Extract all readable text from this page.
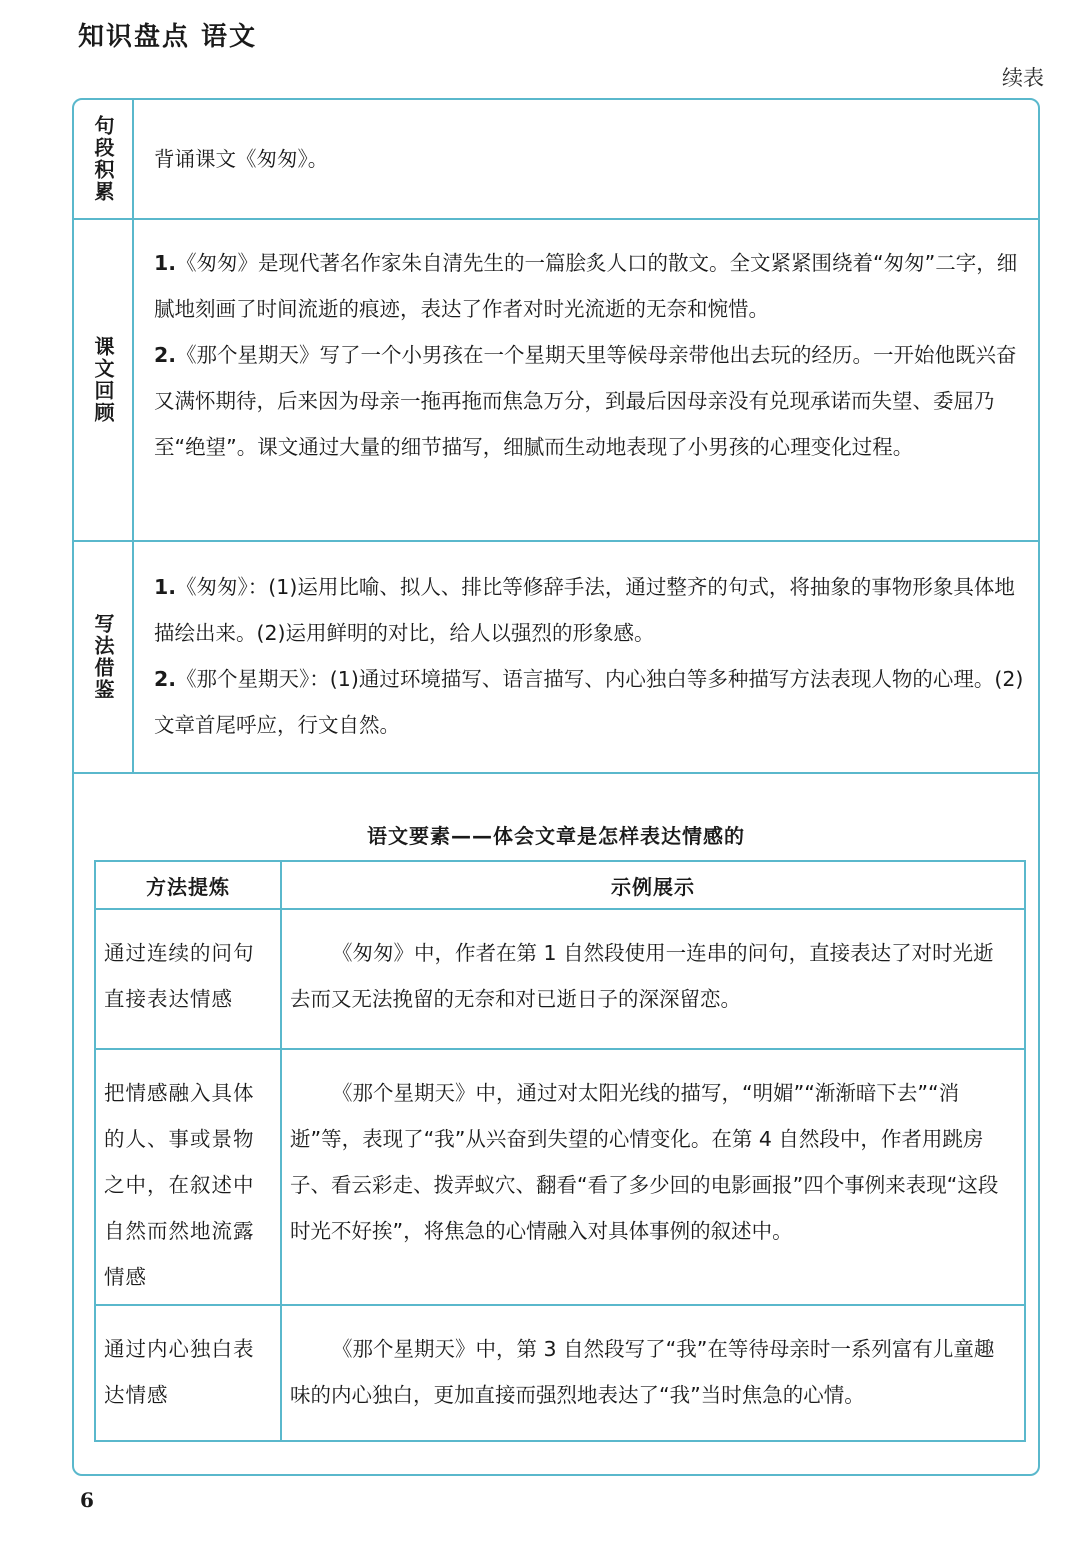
知识盘点 语文
续表
句段积累 背诵课文《匆匆》。
课文回顾
1.《匆匆》是现代著名作家朱自清先生的一篇脍炙人口的散文。全文紧紧围绕着“匆匆”二字，细腻地刻画了时间流逝的痕迹，表达了作者对时光流逝的无奈和惋惜。
2.《那个星期天》写了一个小男孩在一个星期天里等候母亲带他出去玩的经历。一开始他既兴奋又满怀期待，后来因为母亲一拖再拖而焦急万分，到最后因母亲没有兑现承诺而失望、委屈乃至“绝望”。课文通过大量的细节描写，细腻而生动地表现了小男孩的心理变化过程。
写法借鉴
1.《匆匆》：(1)运用比喻、拟人、排比等修辞手法，通过整齐的句式，将抽象的事物形象具体地描绘出来。(2)运用鲜明的对比，给人以强烈的形象感。
2.《那个星期天》：(1)通过环境描写、语言描写、内心独白等多种描写方法表现人物的心理。(2)文章首尾呼应，行文自然。
语文要素——体会文章是怎样表达情感的
方法提炼	示例展示
通过连续的问句直接表达情感
《匆匆》中，作者在第 1 自然段使用一连串的问句，直接表达了对时光逝去而又无法挽留的无奈和对已逝日子的深深留恋。
把情感融入具体的人、事或景物之中，在叙述中自然而然地流露情感
《那个星期天》中，通过对太阳光线的描写，“明媚”“渐渐暗下去”“消逝”等，表现了“我”从兴奋到失望的心情变化。在第 4 自然段中，作者用跳房子、看云彩走、拨弄蚁穴、翻看“看了多少回的电影画报”四个事例来表现“这段时光不好挨”，将焦急的心情融入对具体事例的叙述中。
通过内心独白表达情感
《那个星期天》中，第 3 自然段写了“我”在等待母亲时一系列富有儿童趣味的内心独白，更加直接而强烈地表达了“我”当时焦急的心情。
6
